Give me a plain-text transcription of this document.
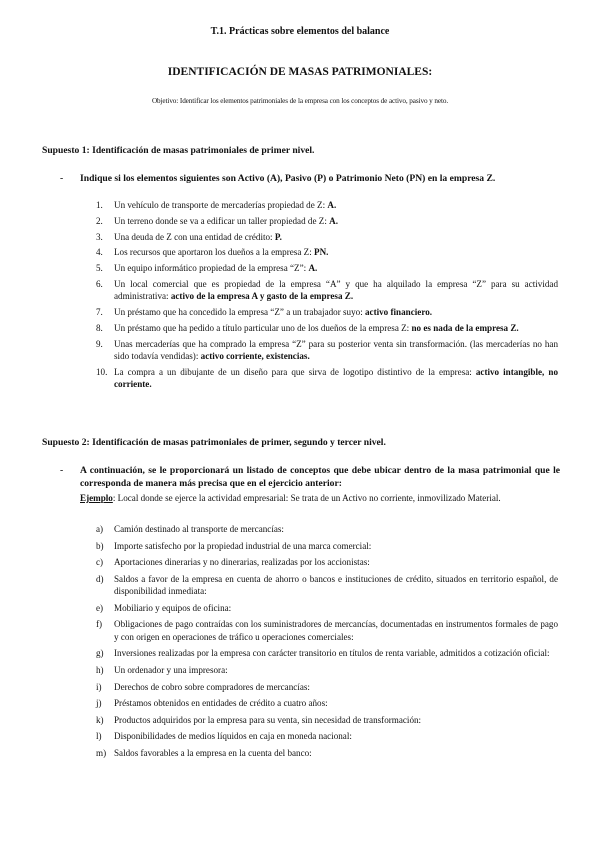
T.1. Prácticas sobre elementos del balance
IDENTIFICACIÓN DE MASAS PATRIMONIALES:
Objetivo: Identificar los elementos patrimoniales de la empresa con los conceptos de activo, pasivo y neto.
Supuesto 1: Identificación de masas patrimoniales de primer nivel.
- Indique si los elementos siguientes son Activo (A), Pasivo (P) o Patrimonio Neto (PN) en la empresa Z.
1. Un vehículo de transporte de mercaderías propiedad de Z: A.
2. Un terreno donde se va a edificar un taller propiedad de Z: A.
3. Una deuda de Z con una entidad de crédito: P.
4. Los recursos que aportaron los dueños a la empresa Z: PN.
5. Un equipo informático propiedad de la empresa “Z”: A.
6. Un local comercial que es propiedad de la empresa “A” y que ha alquilado la empresa “Z” para su actividad administrativa: activo de la empresa A y gasto de la empresa Z.
7. Un préstamo que ha concedido la empresa “Z” a un trabajador suyo: activo financiero.
8. Un préstamo que ha pedido a título particular uno de los dueños de la empresa Z: no es nada de la empresa Z.
9. Unas mercaderías que ha comprado la empresa “Z” para su posterior venta sin transformación. (las mercaderías no han sido todavía vendidas): activo corriente, existencias.
10. La compra a un dibujante de un diseño para que sirva de logotipo distintivo de la empresa: activo intangible, no corriente.
Supuesto 2: Identificación de masas patrimoniales de primer, segundo y tercer nivel.
- A continuación, se le proporcionará un listado de conceptos que debe ubicar dentro de la masa patrimonial que le corresponda de manera más precisa que en el ejercicio anterior:
Ejemplo: Local donde se ejerce la actividad empresarial: Se trata de un Activo no corriente, inmovilizado Material.
a) Camión destinado al transporte de mercancías:
b) Importe satisfecho por la propiedad industrial de una marca comercial:
c) Aportaciones dinerarias y no dinerarias, realizadas por los accionistas:
d) Saldos a favor de la empresa en cuenta de ahorro o bancos e instituciones de crédito, situados en territorio español, de disponibilidad inmediata:
e) Mobiliario y equipos de oficina:
f) Obligaciones de pago contraídas con los suministradores de mercancías, documentadas en instrumentos formales de pago y con origen en operaciones de tráfico u operaciones comerciales:
g) Inversiones realizadas por la empresa con carácter transitorio en títulos de renta variable, admitidos a cotización oficial:
h) Un ordenador y una impresora:
i) Derechos de cobro sobre compradores de mercancías:
j) Préstamos obtenidos en entidades de crédito a cuatro años:
k) Productos adquiridos por la empresa para su venta, sin necesidad de transformación:
l) Disponibilidades de medios líquidos en caja en moneda nacional:
m) Saldos favorables a la empresa en la cuenta del banco:
